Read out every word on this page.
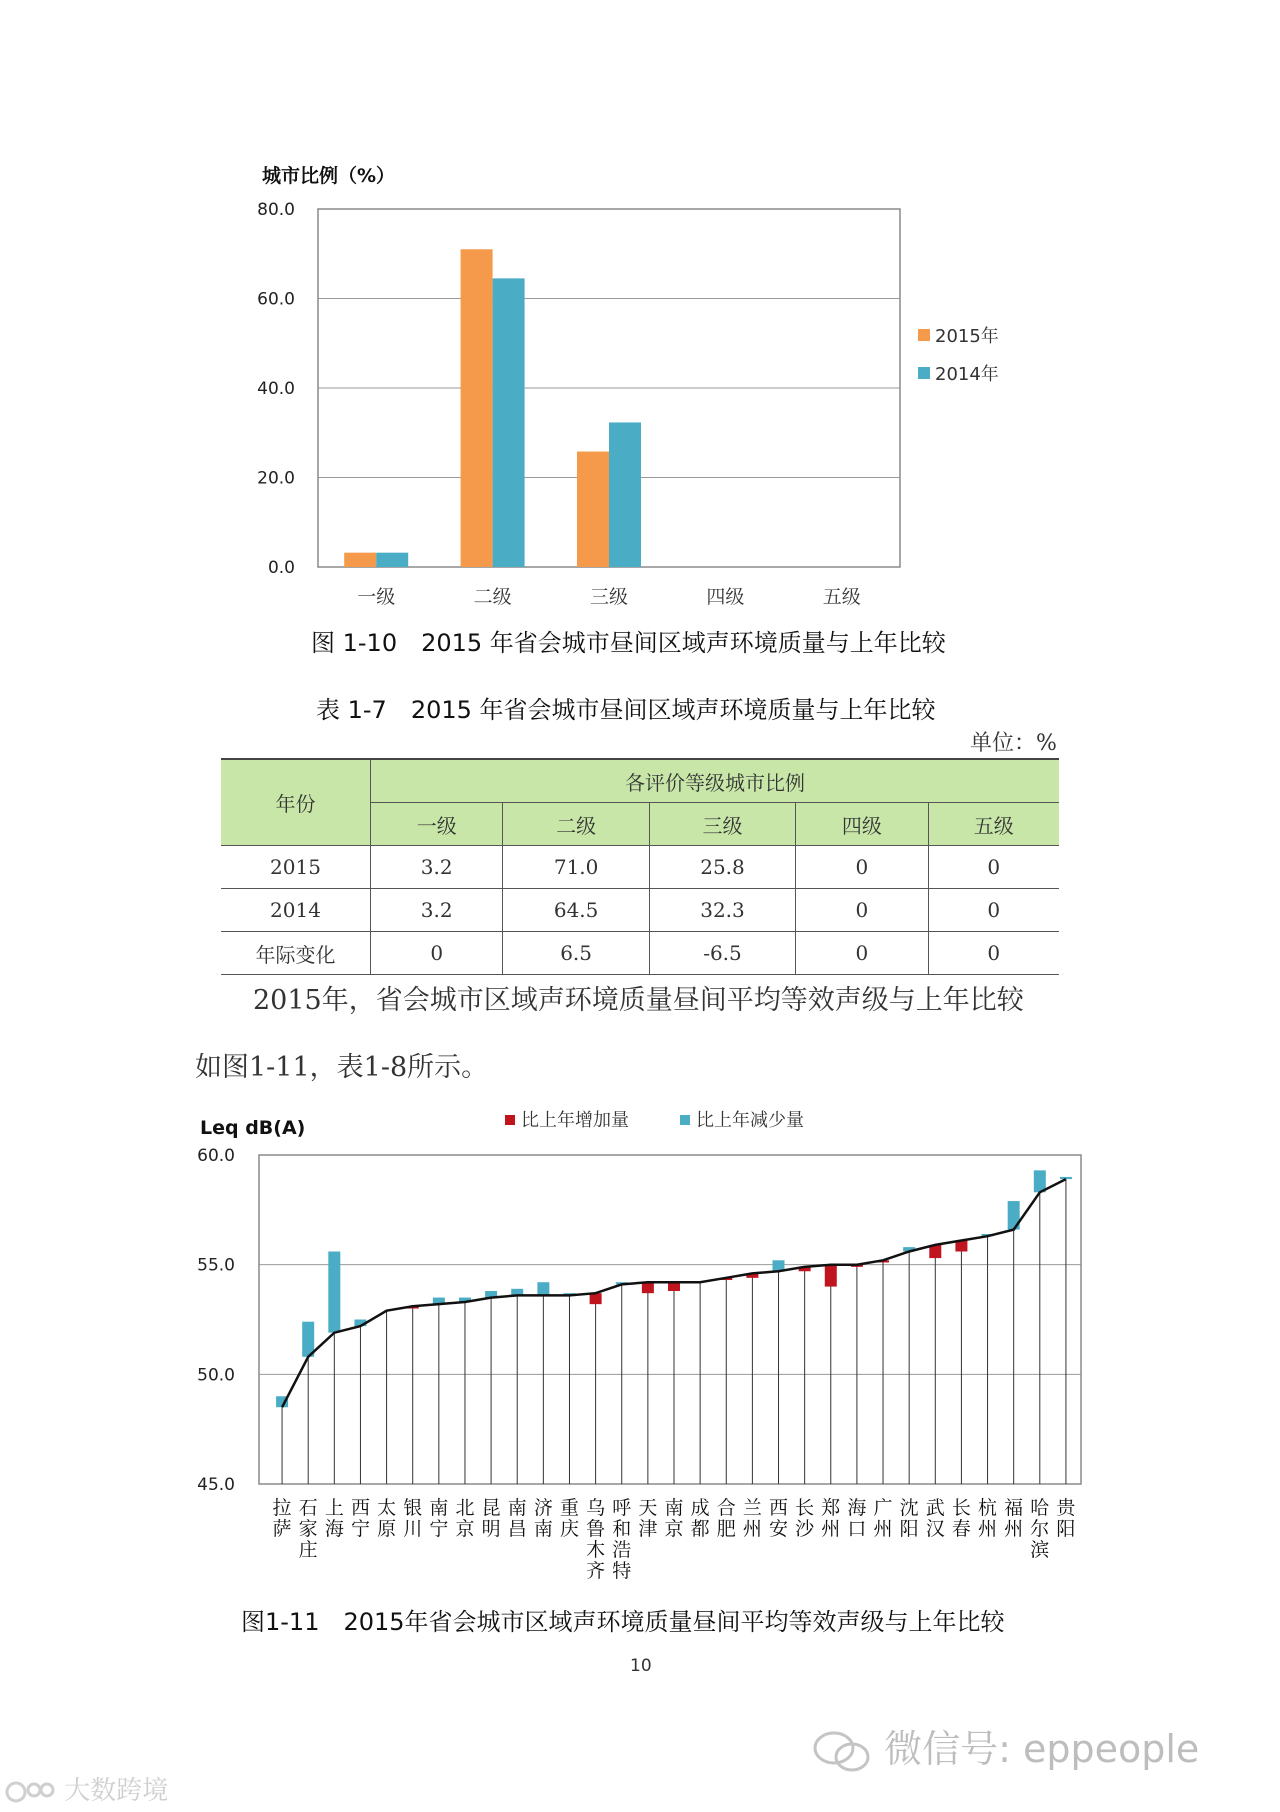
城市比例（%）
0.0
20.0
40.0
60.0
80.0
一级	二级	三级	四级	五级
2015年
2014年
图 1-10　2015 年省会城市昼间区域声环境质量与上年比较
表 1-7　2015 年省会城市昼间区域声环境质量与上年比较
单位：%
年份	各评价等级城市比例				
	一级	二级	三级	四级	五级
2015	3.2	71.0	25.8	0	0
2014	3.2	64.5	32.3	0	0
年际变化	0	6.5	-6.5	0	0
2015年，省会城市区域声环境质量昼间平均等效声级与上年比较
如图1-11，表1-8所示。
Leq dB(A)
45.0
50.0
55.0
60.0
比上年增加量	比上年减少量
拉萨
石家庄
上海
西宁
太原
银川
南宁
北京
昆明
南昌
济南
重庆
乌鲁木齐
呼和浩特
天津
南京
成都
合肥
兰州
西安
长沙
郑州
海口
广州
沈阳
武汉
长春
杭州
福州
哈尔滨
贵阳
图1-11　2015年省会城市区域声环境质量昼间平均等效声级与上年比较
10
微信号: eppeople
大数跨境
